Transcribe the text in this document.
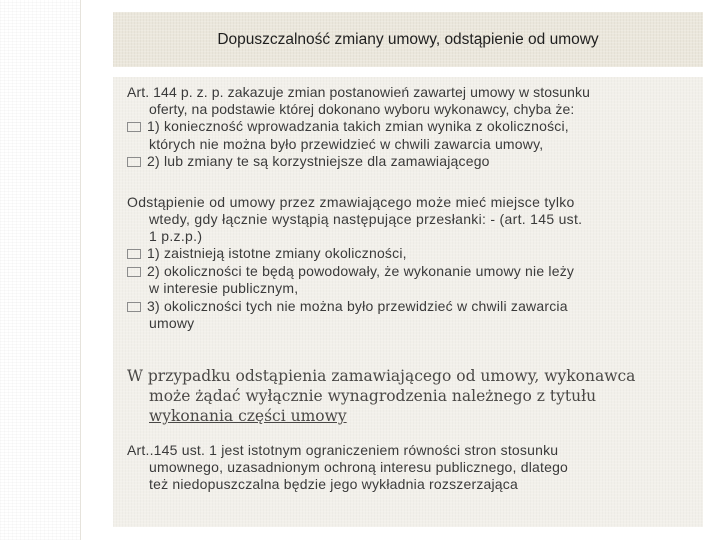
Dopuszczalność zmiany umowy, odstąpienie od umowy
Art. 144 p. z. p. zakazuje zmian postanowień zawartej umowy w stosunku
oferty, na podstawie której dokonano wyboru wykonawcy, chyba że:
1) konieczność wprowadzania takich zmian wynika z okoliczności,
których nie można było przewidzieć w chwili zawarcia umowy,
2) lub zmiany te są korzystniejsze dla zamawiającego
Odstąpienie od umowy przez zmawiającego może mieć miejsce tylko
wtedy, gdy łącznie wystąpią następujące przesłanki: - (art. 145 ust.
1 p.z.p.)
1) zaistnieją istotne zmiany okoliczności,
2) okoliczności te będą powodowały, że wykonanie umowy nie leży
w interesie publicznym,
3) okoliczności tych nie można było przewidzieć w chwili zawarcia
umowy
W przypadku odstąpienia zamawiającego od umowy, wykonawca
może żądać wyłącznie wynagrodzenia należnego z tytułu
wykonania części umowy
Art..145 ust. 1 jest istotnym ograniczeniem równości stron stosunku
umownego, uzasadnionym ochroną interesu publicznego, dlatego
też niedopuszczalna będzie jego wykładnia rozszerzająca
